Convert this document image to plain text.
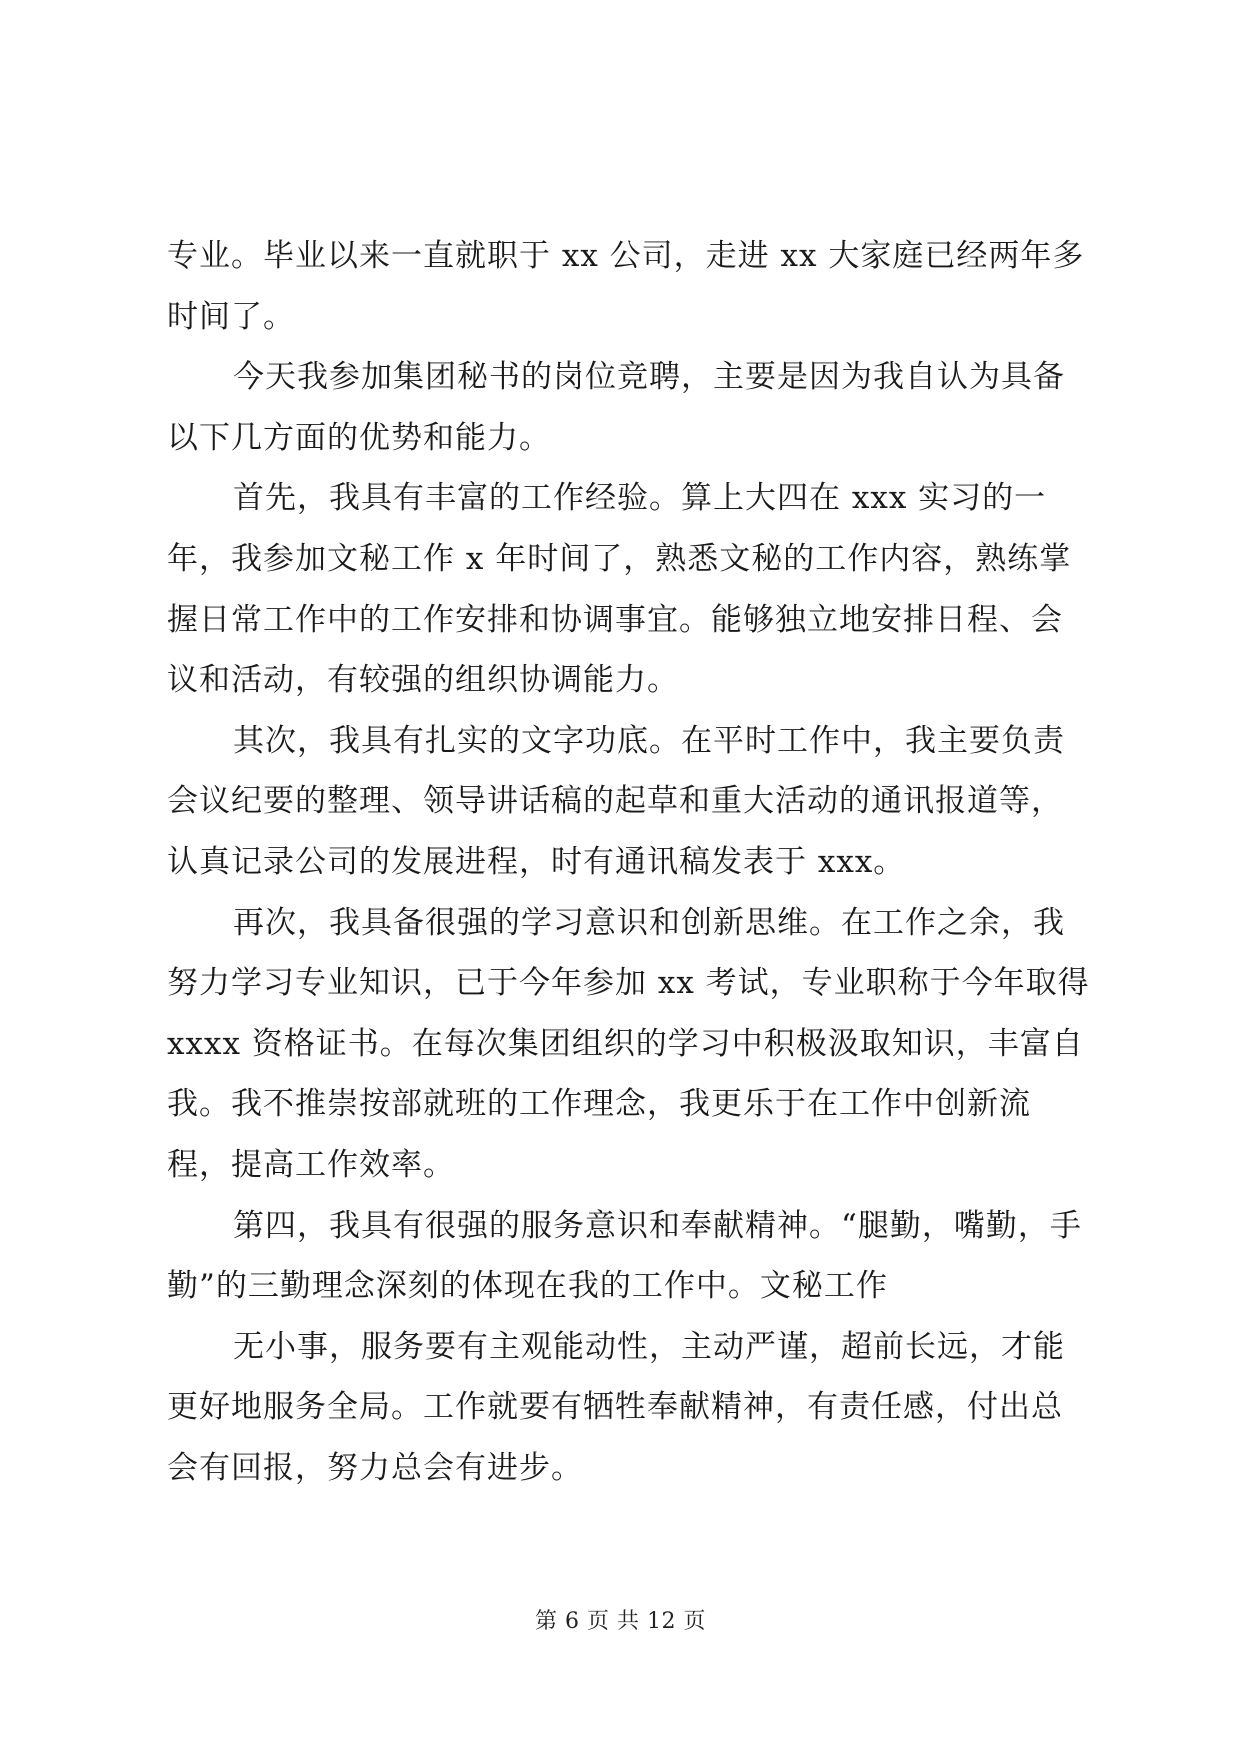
专业。毕业以来一直就职于 xx 公司，走进 xx 大家庭已经两年多时间了。

今天我参加集团秘书的岗位竞聘，主要是因为我自认为具备以下几方面的优势和能力。

首先，我具有丰富的工作经验。算上大四在 xxx 实习的一年，我参加文秘工作 x 年时间了，熟悉文秘的工作内容，熟练掌握日常工作中的工作安排和协调事宜。能够独立地安排日程、会议和活动，有较强的组织协调能力。

其次，我具有扎实的文字功底。在平时工作中，我主要负责会议纪要的整理、领导讲话稿的起草和重大活动的通讯报道等，认真记录公司的发展进程，时有通讯稿发表于 xxx。

再次，我具备很强的学习意识和创新思维。在工作之余，我努力学习专业知识，已于今年参加 xx 考试，专业职称于今年取得 xxxx 资格证书。在每次集团组织的学习中积极汲取知识，丰富自我。我不推崇按部就班的工作理念，我更乐于在工作中创新流程，提高工作效率。

第四，我具有很强的服务意识和奉献精神。“腿勤，嘴勤，手勤”的三勤理念深刻的体现在我的工作中。文秘工作

无小事，服务要有主观能动性，主动严谨，超前长远，才能更好地服务全局。工作就要有牺牲奉献精神，有责任感，付出总会有回报，努力总会有进步。

第 6 页 共 12 页
